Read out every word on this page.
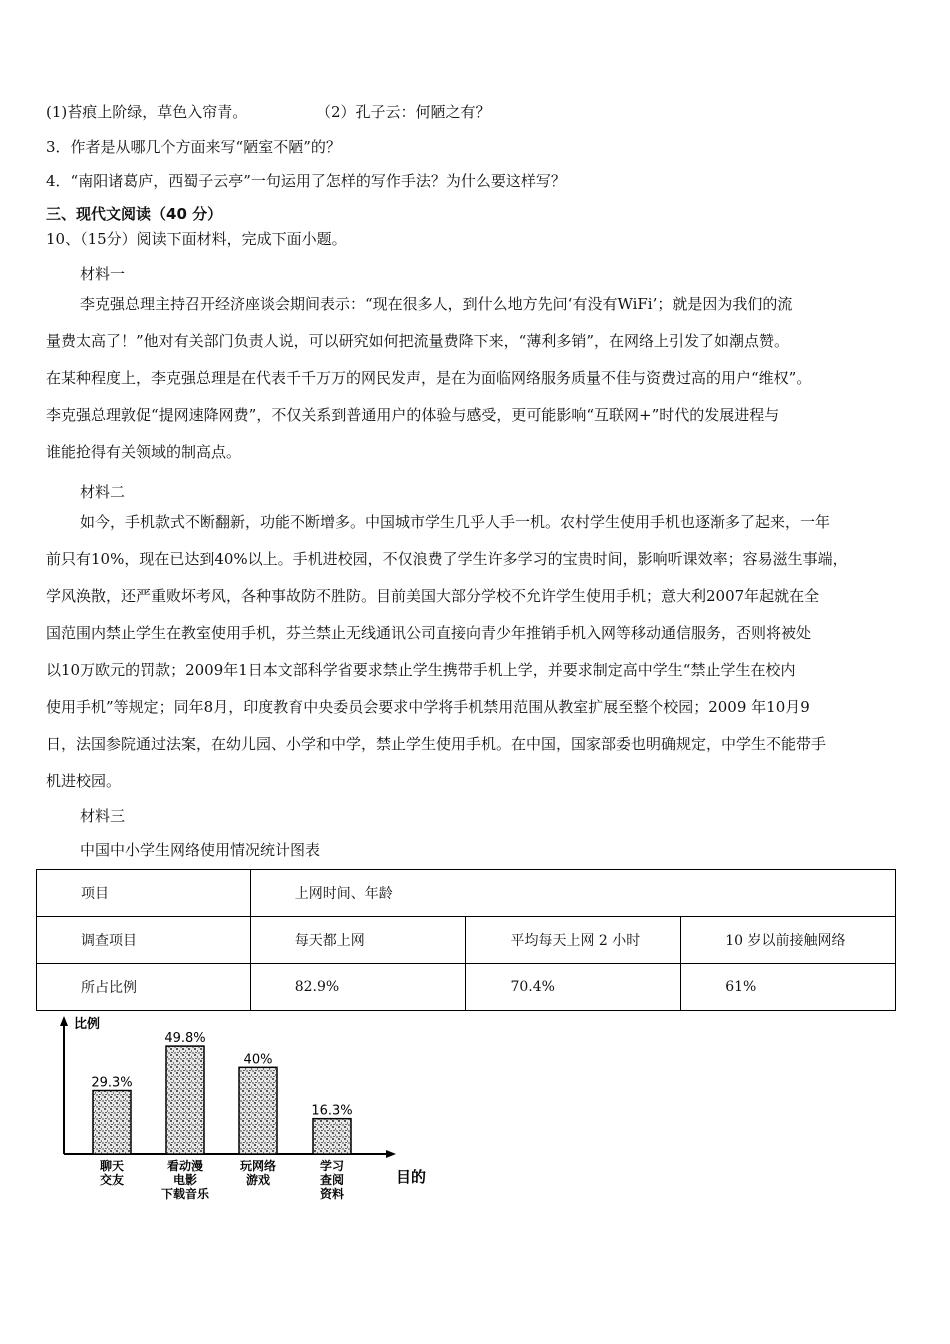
(1)苔痕上阶绿，草色入帘青。	（2）孔子云：何陋之有？
3．作者是从哪几个方面来写“陋室不陋”的？
4．“南阳诸葛庐，西蜀子云亭”一句运用了怎样的写作手法？为什么要这样写？
三、现代文阅读（40 分）
10、（15分）阅读下面材料，完成下面小题。
材料一

李克强总理主持召开经济座谈会期间表示：“现在很多人，到什么地方先问‘有没有WiFi’；就是因为我们的流

量费太高了！”他对有关部门负责人说，可以研究如何把流量费降下来，“薄利多销”，在网络上引发了如潮点赞。

在某种程度上，李克强总理是在代表千千万万的网民发声，是在为面临网络服务质量不佳与资费过高的用户“维权”。

李克强总理敦促“提网速降网费”，不仅关系到普通用户的体验与感受，更可能影响“互联网+”时代的发展进程与

谁能抢得有关领域的制高点。

材料二

如今，手机款式不断翻新，功能不断增多。中国城市学生几乎人手一机。农村学生使用手机也逐渐多了起来，一年

前只有10%，现在已达到40%以上。手机进校园，不仅浪费了学生许多学习的宝贵时间，影响听课效率；容易滋生事端，

学风涣散，还严重败坏考风，各种事故防不胜防。目前美国大部分学校不允许学生使用手机；意大利2007年起就在全

国范围内禁止学生在教室使用手机，芬兰禁止无线通讯公司直接向青少年推销手机入网等移动通信服务，否则将被处

以10万欧元的罚款；2009年1日本文部科学省要求禁止学生携带手机上学，并要求制定高中学生“禁止学生在校内

使用手机”等规定；同年8月，印度教育中央委员会要求中学将手机禁用范围从教室扩展至整个校园；2009 年10月9

日，法国参院通过法案，在幼儿园、小学和中学，禁止学生使用手机。在中国，国家部委也明确规定，中学生不能带手

机进校园。

材料三
中国中小学生网络使用情况统计图表
项目	上网时间、年龄		
调查项目	每天都上网	平均每天上网 2 小时	10 岁以前接触网络
所占比例	82.9%	70.4%	61%
比例
目的
29.3%
聊天
交友
49.8%
看动漫
电影
下载音乐
40%
玩网络
游戏
16.3%
学习
查阅
资料
